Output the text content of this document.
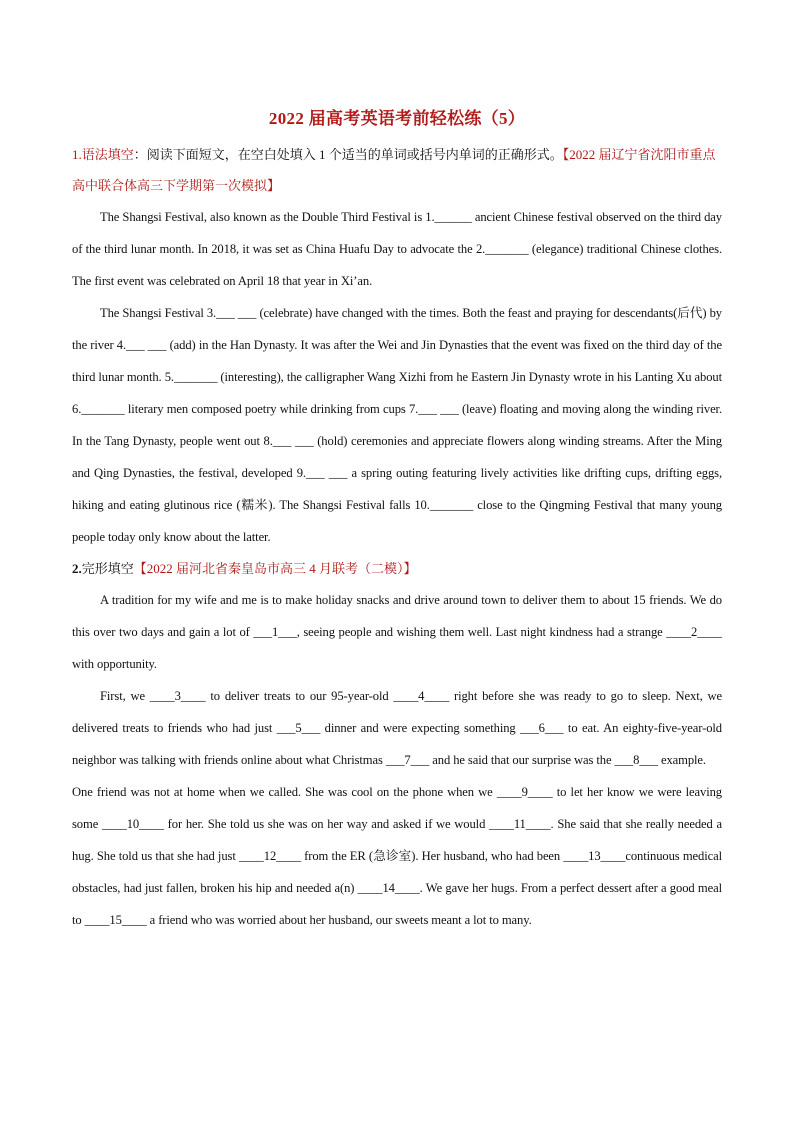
2022 届高考英语考前轻松练（5）

1.语法填空：阅读下面短文，在空白处填入 1 个适当的单词或括号内单词的正确形式。【2022 届辽宁省沈阳市重点高中联合体高三下学期第一次模拟】

The Shangsi Festival, also known as the Double Third Festival is 1.______ ancient Chinese festival observed on the third day of the third lunar month. In 2018, it was set as China Huafu Day to advocate the 2._______ (elegance) traditional Chinese clothes. The first event was celebrated on April 18 that year in Xi’an.

The Shangsi Festival 3.___ ___ (celebrate) have changed with the times. Both the feast and praying for descendants(后代) by the river 4.___ ___ (add) in the Han Dynasty. It was after the Wei and Jin Dynasties that the event was fixed on the third day of the third lunar month. 5._______ (interesting), the calligrapher Wang Xizhi from he Eastern Jin Dynasty wrote in his Lanting Xu about 6._______ literary men composed poetry while drinking from cups 7.___ ___ (leave) floating and moving along the winding river. In the Tang Dynasty, people went out 8.___ ___ (hold) ceremonies and appreciate flowers along winding streams. After the Ming and Qing Dynasties, the festival, developed 9.___ ___ a spring outing featuring lively activities like drifting cups, drifting eggs, hiking and eating glutinous rice (糯米). The Shangsi Festival falls 10._______ close to the Qingming Festival that many young people today only know about the latter.

2.完形填空【2022 届河北省秦皇岛市高三 4 月联考（二模）】

A tradition for my wife and me is to make holiday snacks and drive around town to deliver them to about 15 friends. We do this over two days and gain a lot of ___1___, seeing people and wishing them well. Last night kindness had a strange ____2____ with opportunity.

First, we ____3____ to deliver treats to our 95-year-old ____4____ right before she was ready to go to sleep. Next, we delivered treats to friends who had just ___5___ dinner and were expecting something ___6___ to eat. An eighty-five-year-old neighbor was talking with friends online about what Christmas ___7___ and he said that our surprise was the ___8___ example.

One friend was not at home when we called. She was cool on the phone when we ____9____ to let her know we were leaving some ____10____ for her. She told us she was on her way and asked if we would ____11____. She said that she really needed a hug. She told us that she had just ____12____ from the ER (急诊室). Her husband, who had been ____13____continuous medical obstacles, had just fallen, broken his hip and needed a(n) ____14____. We gave her hugs. From a perfect dessert after a good meal to ____15____ a friend who was worried about her husband, our sweets meant a lot to many.
